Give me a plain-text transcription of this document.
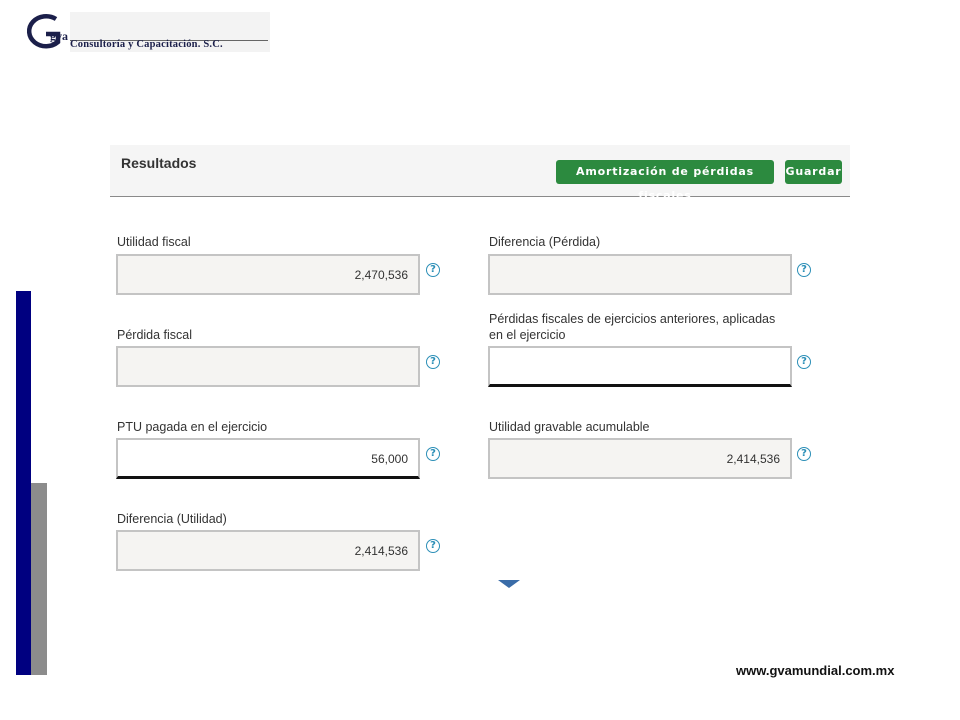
gva
Consultoría y Capacitación. S.C.
Resultados
Amortización de pérdidas fiscales
Guardar
Utilidad fiscal
2,470,536	?
Pérdida fiscal
?
PTU pagada en el ejercicio
56,000	?
Diferencia (Utilidad)
2,414,536	?
Diferencia (Pérdida)
?
Pérdidas fiscales de ejercicios anteriores, aplicadas
en el ejercicio
?
Utilidad gravable acumulable
2,414,536	?
www.gvamundial.com.mx
